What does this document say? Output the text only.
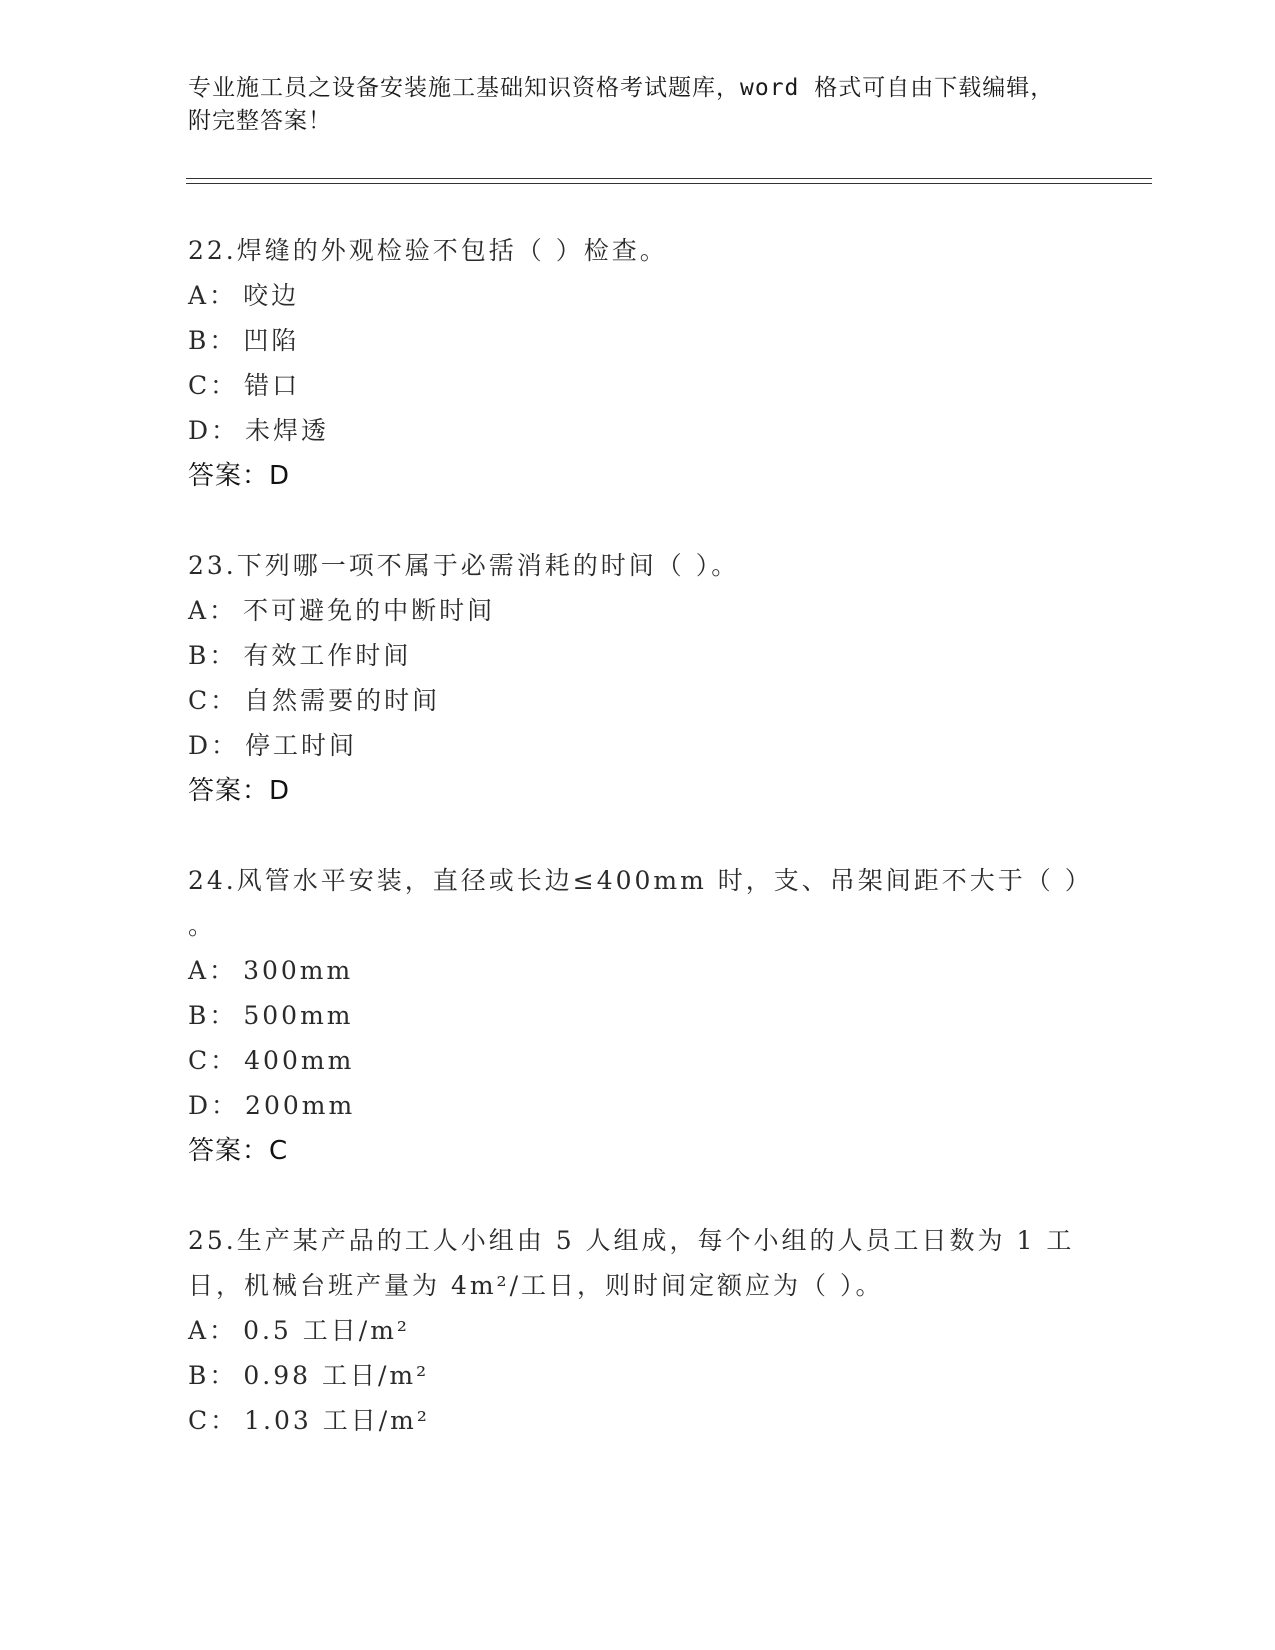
专业施工员之设备安装施工基础知识资格考试题库，word 格式可自由下载编辑，
附完整答案！

22.焊缝的外观检验不包括（ ）检查。

A： 咬边

B： 凹陷

C： 错口

D： 未焊透

答案：D

23.下列哪一项不属于必需消耗的时间（ ）。

A： 不可避免的中断时间

B： 有效工作时间

C： 自然需要的时间

D： 停工时间

答案：D

24.风管水平安装，直径或长边≤400mm 时，支、吊架间距不大于（ ）

。

A： 300mm

B： 500mm

C： 400mm

D： 200mm

答案：C

25.生产某产品的工人小组由 5 人组成，每个小组的人员工日数为 1 工

日，机械台班产量为 4m²/工日，则时间定额应为（ ）。

A： 0.5 工日/m²

B： 0.98 工日/m²

C： 1.03 工日/m²
